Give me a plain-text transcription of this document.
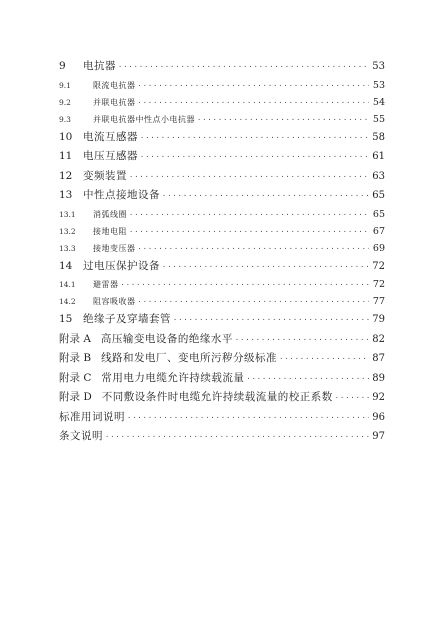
9	电抗器 ·····	53
9.1	限流电抗器 ·····	53
9.2	并联电抗器 ·····	54
9.3	并联电抗器中性点小电抗器 ·····	55
10	电流互感器 ·····	58
11	电压互感器 ·····	61
12	变频装置 ·····	63
13	中性点接地设备 ·····	65
13.1	消弧线圈 ·····	65
13.2	接地电阻 ·····	67
13.3	接地变压器 ·····	69
14	过电压保护设备 ·····	72
14.1	避雷器 ·····	72
14.2	阻容吸收器 ·····	77
15	绝缘子及穿墙套管 ·····	79
附录 A 高压输变电设备的绝缘水平 ·····	82
附录 B 线路和发电厂、变电所污秽分级标准 ·····	87
附录 C 常用电力电缆允许持续载流量 ·····	89
附录 D 不同敷设条件时电缆允许持续载流量的校正系数 ·····	92
标准用词说明 ·····	96
条文说明 ·····	97
